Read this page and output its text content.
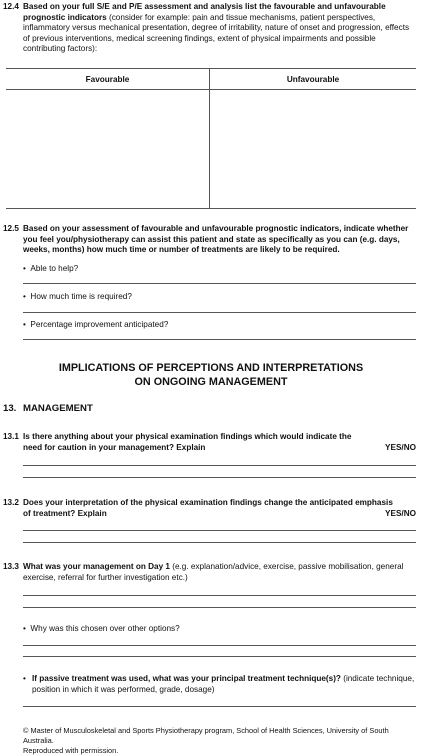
12.4 Based on your full S/E and P/E assessment and analysis list the favourable and unfavourable prognostic indicators (consider for example: pain and tissue mechanisms, patient perspectives, inflammatory versus mechanical presentation, degree of irritability, nature of onset and progression, effects of previous interventions, medical screening findings, extent of physical impairments and possible contributing factors):
Favourable	Unfavourable
12.5 Based on your assessment of favourable and unfavourable prognostic indicators, indicate whether you feel you/physiotherapy can assist this patient and state as specifically as you can (e.g. days, weeks, months) how much time or number of treatments are likely to be required.
•  Able to help?
•  How much time is required?
•  Percentage improvement anticipated?
IMPLICATIONS OF PERCEPTIONS AND INTERPRETATIONS
ON ONGOING MANAGEMENT
13. MANAGEMENT
13.1 Is there anything about your physical examination findings which would indicate the need for caution in your management? Explain	YES/NO
13.2 Does your interpretation of the physical examination findings change the anticipated emphasis of treatment? Explain	YES/NO
13.3 What was your management on Day 1 (e.g. explanation/advice, exercise, passive mobilisation, general exercise, referral for further investigation etc.)
•  Why was this chosen over other options?
• If passive treatment was used, what was your principal treatment technique(s)? (indicate technique, position in which it was performed, grade, dosage)
© Master of Musculoskeletal and Sports Physiotherapy program, School of Health Sciences, University of South Australia.
Reproduced with permission.
